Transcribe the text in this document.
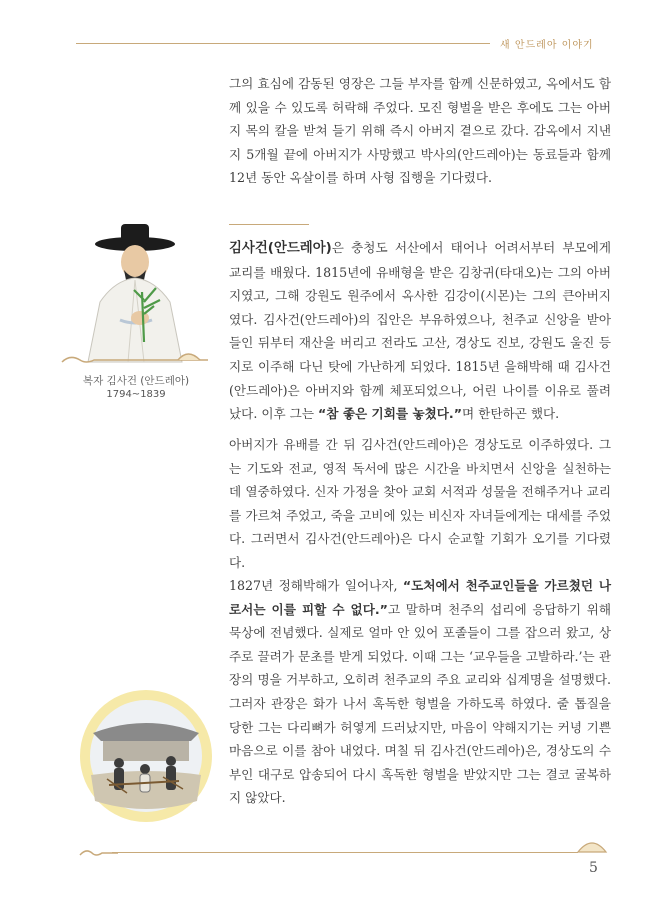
새 안드레아 이야기

그의 효심에 감동된 영장은 그들 부자를 함께 신문하였고, 옥에서도 함께 있을 수 있도록 허락해 주었다. 모진 형벌을 받은 후에도 그는 아버지 목의 칼을 받쳐 들기 위해 즉시 아버지 곁으로 갔다. 감옥에서 지낸 지 5개월 끝에 아버지가 사망했고 박사의(안드레아)는 동료들과 함께 12년 동안 옥살이를 하며 사형 집행을 기다렸다.

복자 김사건 (안드레아)
1794~1839

김사건(안드레아)은 충청도 서산에서 태어나 어려서부터 부모에게 교리를 배웠다. 1815년에 유배형을 받은 김창귀(타대오)는 그의 아버지였고, 그해 강원도 원주에서 옥사한 김강이(시몬)는 그의 큰아버지였다. 김사건(안드레아)의 집안은 부유하였으나, 천주교 신앙을 받아들인 뒤부터 재산을 버리고 전라도 고산, 경상도 진보, 강원도 울진 등지로 이주해 다닌 탓에 가난하게 되었다. 1815년 을해박해 때 김사건(안드레아)은 아버지와 함께 체포되었으나, 어린 나이를 이유로 풀려났다. 이후 그는 “참 좋은 기회를 놓쳤다.”며 한탄하곤 했다.

아버지가 유배를 간 뒤 김사건(안드레아)은 경상도로 이주하였다. 그는 기도와 전교, 영적 독서에 많은 시간을 바치면서 신앙을 실천하는 데 열중하였다. 신자 가정을 찾아 교회 서적과 성물을 전해주거나 교리를 가르쳐 주었고, 죽을 고비에 있는 비신자 자녀들에게는 대세를 주었다. 그러면서 김사건(안드레아)은 다시 순교할 기회가 오기를 기다렸다.

1827년 정해박해가 일어나자, “도처에서 천주교인들을 가르쳤던 나로서는 이를 피할 수 없다.”고 말하며 천주의 섭리에 응답하기 위해 묵상에 전념했다. 실제로 얼마 안 있어 포졸들이 그를 잡으러 왔고, 상주로 끌려가 문초를 받게 되었다. 이때 그는 ‘교우들을 고발하라.’는 관장의 명을 거부하고, 오히려 천주교의 주요 교리와 십계명을 설명했다. 그러자 관장은 화가 나서 혹독한 형벌을 가하도록 하였다. 줄 톱질을 당한 그는 다리뼈가 허옇게 드러났지만, 마음이 약해지기는 커녕 기쁜 마음으로 이를 참아 내었다. 며칠 뒤 김사건(안드레아)은, 경상도의 수부인 대구로 압송되어 다시 혹독한 형벌을 받았지만 그는 결코 굴복하지 않았다.

5
